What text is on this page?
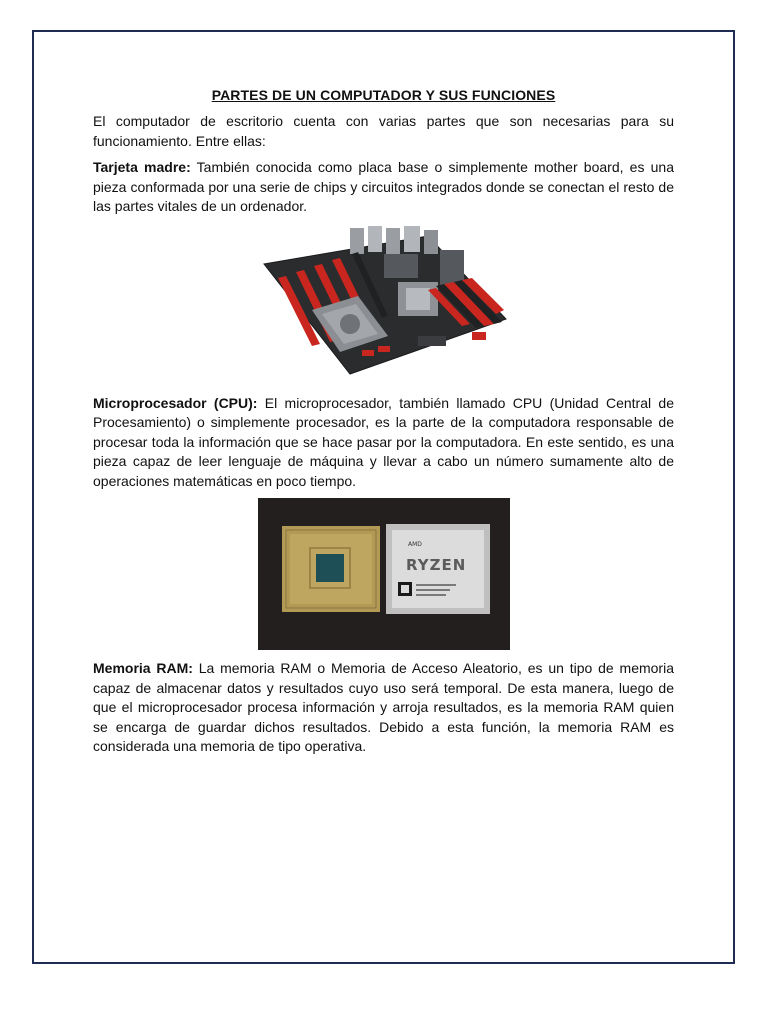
PARTES DE UN COMPUTADOR Y SUS FUNCIONES

El computador de escritorio cuenta con varias partes que son necesarias para su funcionamiento. Entre ellas:

Tarjeta madre: También conocida como placa base o simplemente mother board, es una pieza conformada por una serie de chips y circuitos integrados donde se conectan el resto de las partes vitales de un ordenador.

Microprocesador (CPU): El microprocesador, también llamado CPU (Unidad Central de Procesamiento) o simplemente procesador, es la parte de la computadora responsable de procesar toda la información que se hace pasar por la computadora. En este sentido, es una pieza capaz de leer lenguaje de máquina y llevar a cabo un número sumamente alto de operaciones matemáticas en poco tiempo.

AMD
RYZEN

Memoria RAM: La memoria RAM o Memoria de Acceso Aleatorio, es un tipo de memoria capaz de almacenar datos y resultados cuyo uso será temporal. De esta manera, luego de que el microprocesador procesa información y arroja resultados, es la memoria RAM quien se encarga de guardar dichos resultados. Debido a esta función, la memoria RAM es considerada una memoria de tipo operativa.
